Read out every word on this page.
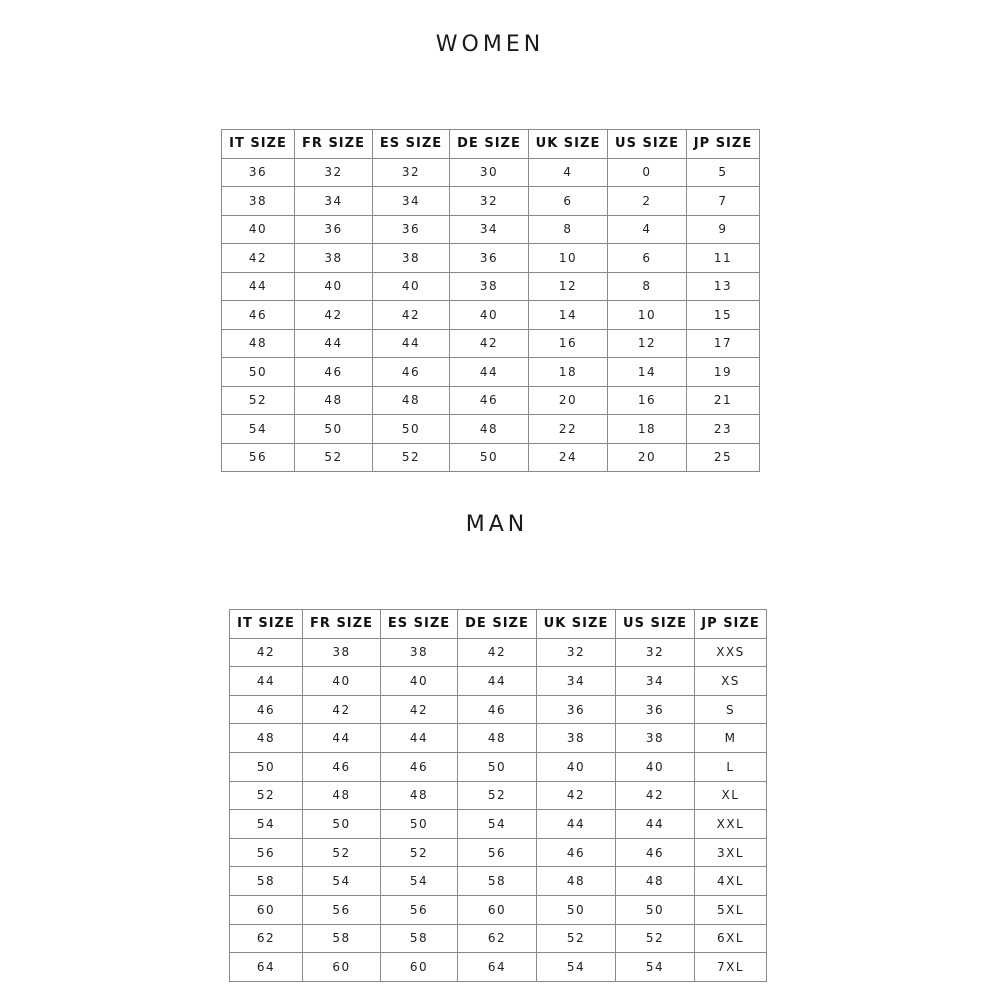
WOMEN
IT SIZE	FR SIZE	ES SIZE	DE SIZE	UK SIZE	US SIZE	JP SIZE
36	32	32	30	4	0	5
38	34	34	32	6	2	7
40	36	36	34	8	4	9
42	38	38	36	10	6	11
44	40	40	38	12	8	13
46	42	42	40	14	10	15
48	44	44	42	16	12	17
50	46	46	44	18	14	19
52	48	48	46	20	16	21
54	50	50	48	22	18	23
56	52	52	50	24	20	25
MAN
IT SIZE	FR SIZE	ES SIZE	DE SIZE	UK SIZE	US SIZE	JP SIZE
42	38	38	42	32	32	XXS
44	40	40	44	34	34	XS
46	42	42	46	36	36	S
48	44	44	48	38	38	M
50	46	46	50	40	40	L
52	48	48	52	42	42	XL
54	50	50	54	44	44	XXL
56	52	52	56	46	46	3XL
58	54	54	58	48	48	4XL
60	56	56	60	50	50	5XL
62	58	58	62	52	52	6XL
64	60	60	64	54	54	7XL
